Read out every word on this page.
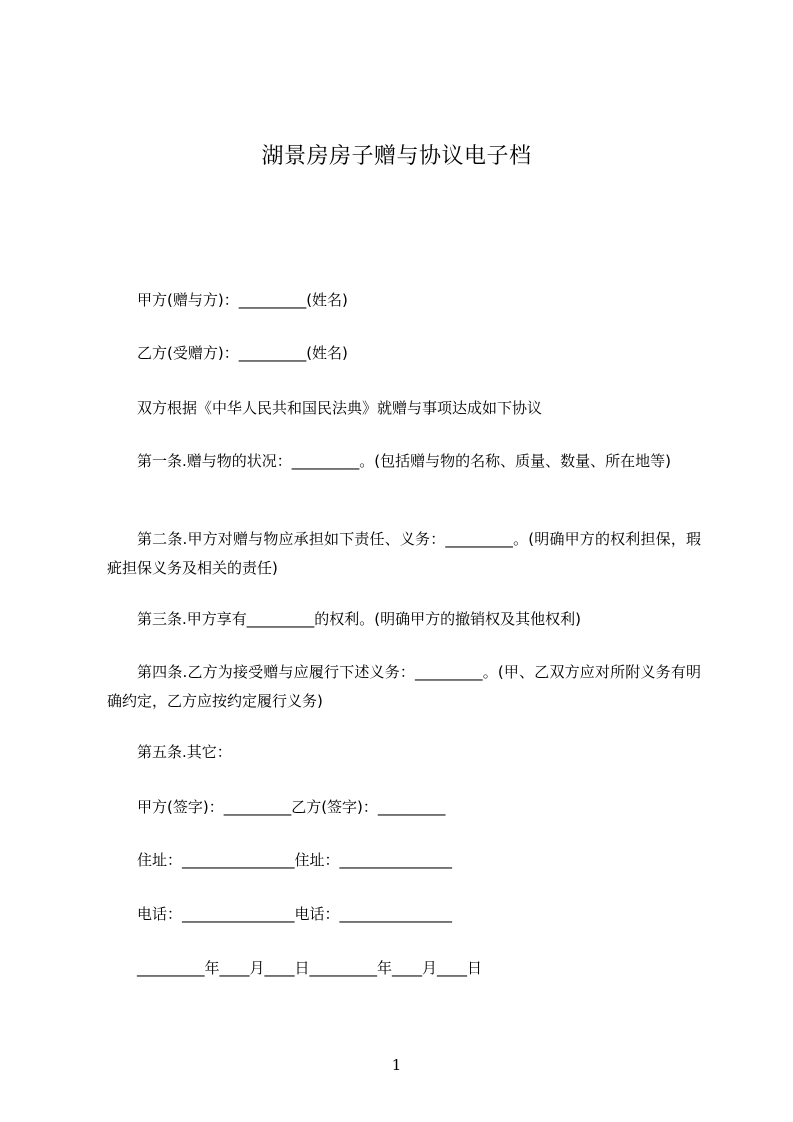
湖景房房子赠与协议电子档
甲方(赠与方)：_________(姓名)
乙方(受赠方)：_________(姓名)
双方根据《中华人民共和国民法典》就赠与事项达成如下协议
第一条.赠与物的状况：_________。(包括赠与物的名称、质量、数量、所在地等)
第二条.甲方对赠与物应承担如下责任、义务：_________。(明确甲方的权利担保，瑕疵担保义务及相关的责任)
第三条.甲方享有_________的权利。(明确甲方的撤销权及其他权利)
第四条.乙方为接受赠与应履行下述义务：_________。(甲、乙双方应对所附义务有明确约定，乙方应按约定履行义务)
第五条.其它：
甲方(签字)：_________乙方(签字)：_________
住址：_______________住址：_______________
电话：_______________电话：_______________
_________年____月____日_________年____月____日
1
